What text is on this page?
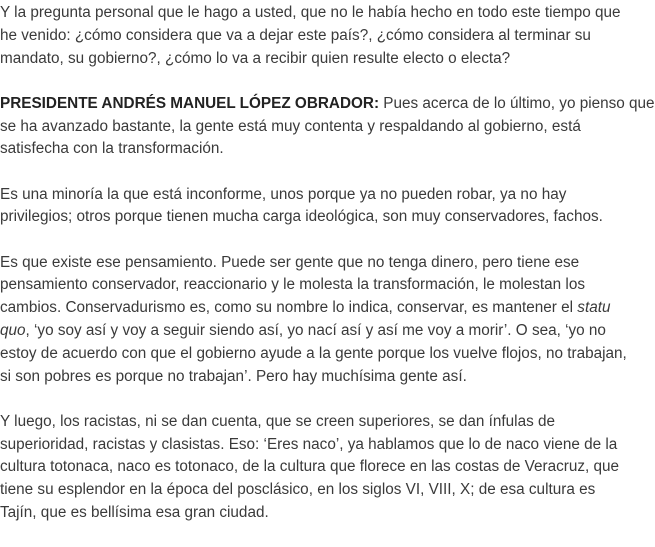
Y la pregunta personal que le hago a usted, que no le había hecho en todo este tiempo que
he venido: ¿cómo considera que va a dejar este país?, ¿cómo considera al terminar su
mandato, su gobierno?, ¿cómo lo va a recibir quien resulte electo o electa?
PRESIDENTE ANDRÉS MANUEL LÓPEZ OBRADOR: Pues acerca de lo último, yo pienso que
se ha avanzado bastante, la gente está muy contenta y respaldando al gobierno, está
satisfecha con la transformación.
Es una minoría la que está inconforme, unos porque ya no pueden robar, ya no hay
privilegios; otros porque tienen mucha carga ideológica, son muy conservadores, fachos.
Es que existe ese pensamiento. Puede ser gente que no tenga dinero, pero tiene ese
pensamiento conservador, reaccionario y le molesta la transformación, le molestan los
cambios. Conservadurismo es, como su nombre lo indica, conservar, es mantener el statu
quo, ‘yo soy así y voy a seguir siendo así, yo nací así y así me voy a morir’. O sea, ‘yo no
estoy de acuerdo con que el gobierno ayude a la gente porque los vuelve flojos, no trabajan,
si son pobres es porque no trabajan’. Pero hay muchísima gente así.
Y luego, los racistas, ni se dan cuenta, que se creen superiores, se dan ínfulas de
superioridad, racistas y clasistas. Eso: ‘Eres naco’, ya hablamos que lo de naco viene de la
cultura totonaca, naco es totonaco, de la cultura que florece en las costas de Veracruz, que
tiene su esplendor en la época del posclásico, en los siglos VI, VIII, X; de esa cultura es
Tajín, que es bellísima esa gran ciudad.
